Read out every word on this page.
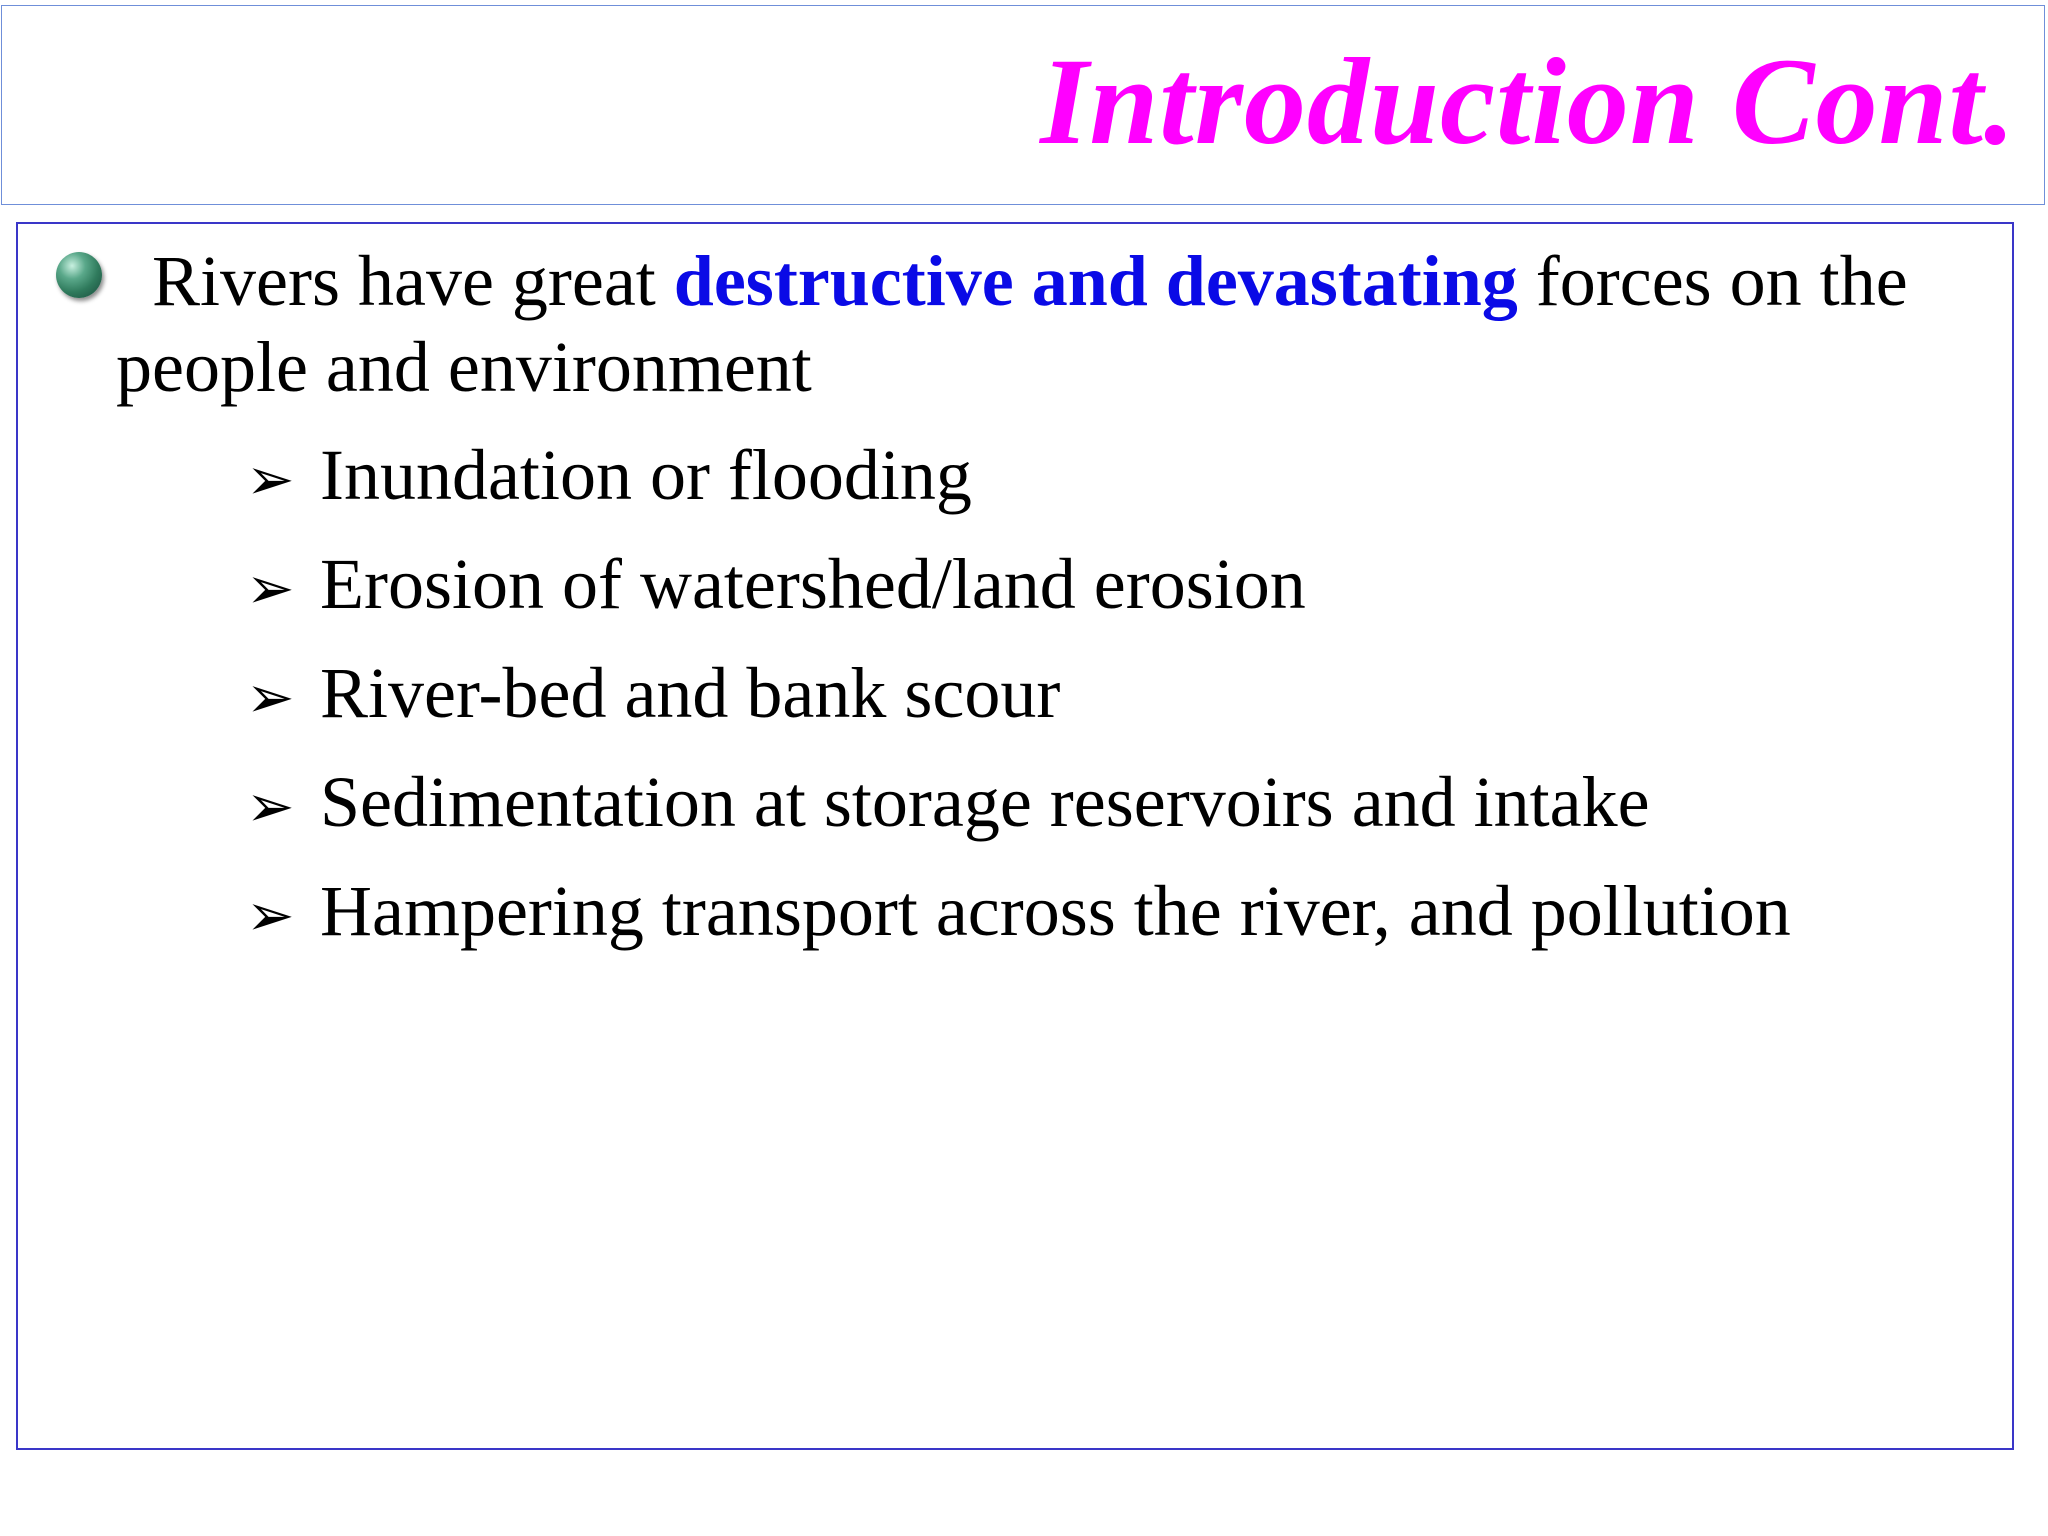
Introduction Cont.

Rivers have great destructive and devastating forces on the people and environment

➢ Inundation or flooding
➢ Erosion of watershed/land erosion
➢ River-bed and bank scour
➢ Sedimentation at storage reservoirs and intake
➢ Hampering transport across the river, and pollution
